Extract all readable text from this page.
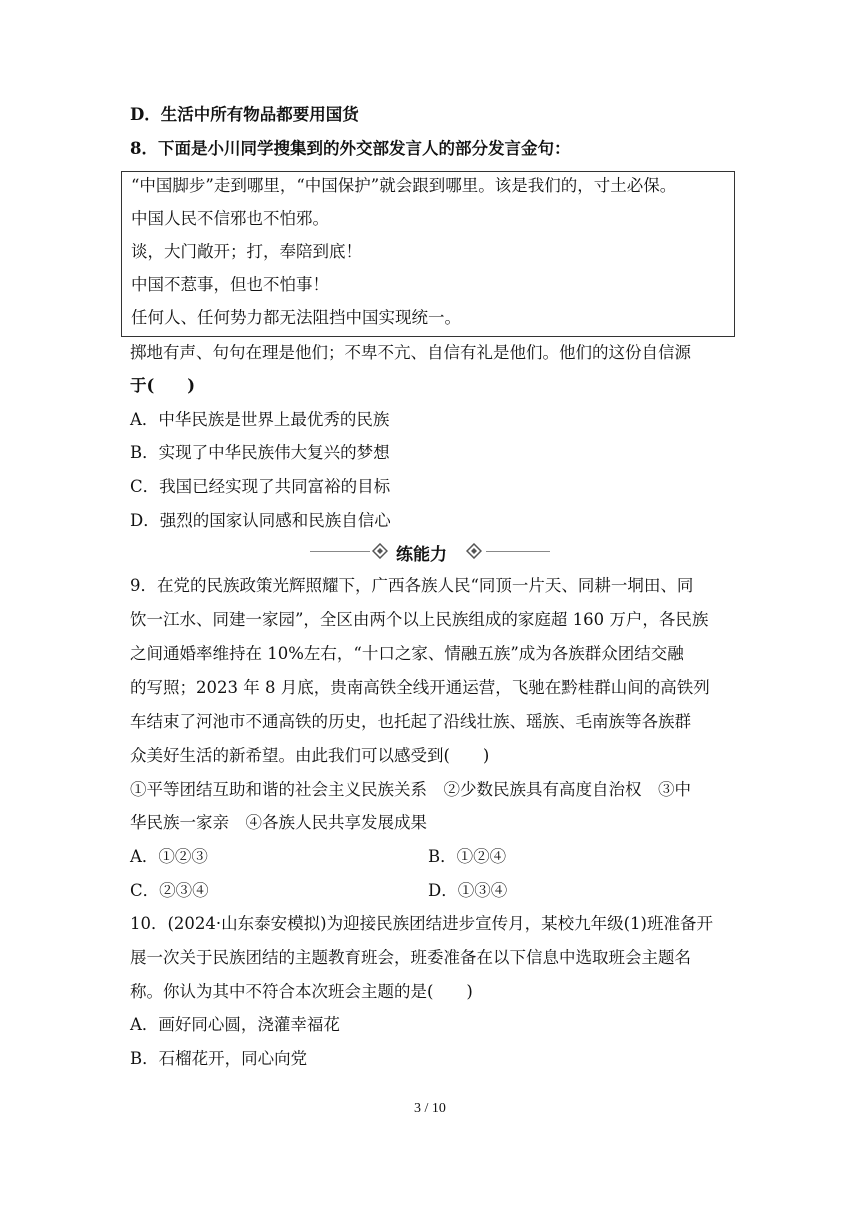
D．生活中所有物品都要用国货
8．下面是小川同学搜集到的外交部发言人的部分发言金句：
“中国脚步”走到哪里，“中国保护”就会跟到哪里。该是我们的，寸土必保。
中国人民不信邪也不怕邪。
谈，大门敞开；打，奉陪到底！
中国不惹事，但也不怕事！
任何人、任何势力都无法阻挡中国实现统一。
掷地有声、句句在理是他们；不卑不亢、自信有礼是他们。他们的这份自信源
于(　　)
A．中华民族是世界上最优秀的民族
B．实现了中华民族伟大复兴的梦想
C．我国已经实现了共同富裕的目标
D．强烈的国家认同感和民族自信心
练能力
9．在党的民族政策光辉照耀下，广西各族人民“同顶一片天、同耕一垌田、同
饮一江水、同建一家园”，全区由两个以上民族组成的家庭超 160 万户，各民族
之间通婚率维持在 10%左右，“十口之家、情融五族”成为各族群众团结交融
的写照；2023 年 8 月底，贵南高铁全线开通运营，飞驰在黔桂群山间的高铁列
车结束了河池市不通高铁的历史，也托起了沿线壮族、瑶族、毛南族等各族群
众美好生活的新希望。由此我们可以感受到(　　)
①平等团结互助和谐的社会主义民族关系　②少数民族具有高度自治权　③中
华民族一家亲　④各族人民共享发展成果
A．①②③	B．①②④
C．②③④	D．①③④
10．(2024·山东泰安模拟)为迎接民族团结进步宣传月，某校九年级(1)班准备开
展一次关于民族团结的主题教育班会，班委准备在以下信息中选取班会主题名
称。你认为其中不符合本次班会主题的是(　　)
A．画好同心圆，浇灌幸福花
B．石榴花开，同心向党
3 / 10
